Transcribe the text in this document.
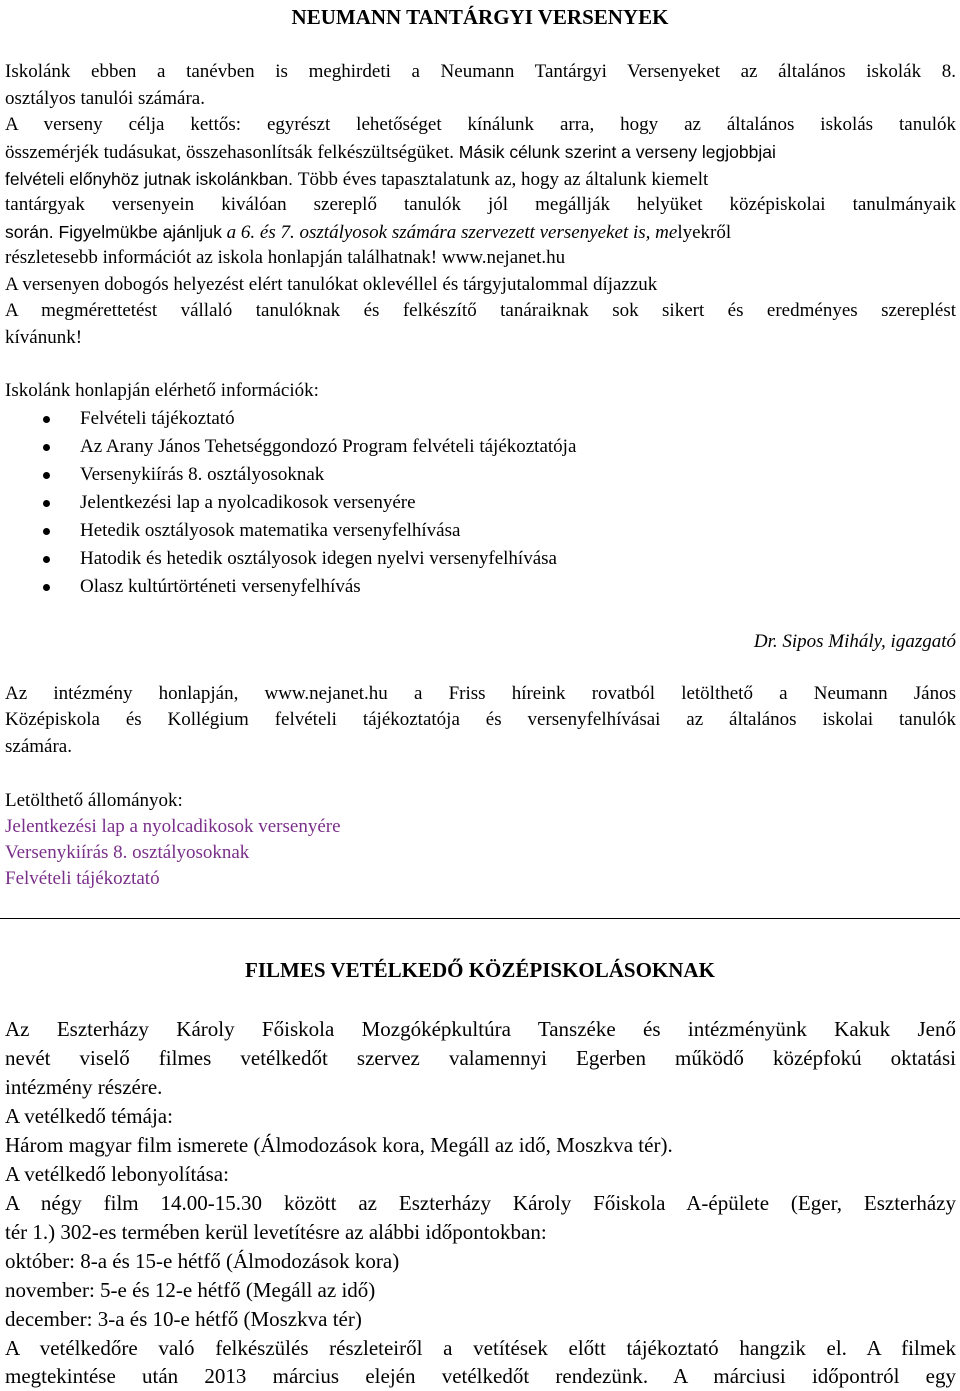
NEUMANN TANTÁRGYI VERSENYEK
Iskolánk ebben a tanévben is meghirdeti a Neumann Tantárgyi Versenyeket az általános iskolák 8.
osztályos tanulói számára.
A verseny célja kettős: egyrészt lehetőséget kínálunk arra, hogy az általános iskolás tanulók
összemérjék tudásukat, összehasonlítsák felkészültségüket. Másik célunk szerint a verseny legjobbjai
felvételi előnyhöz jutnak iskolánkban. Több éves tapasztalatunk az, hogy az általunk kiemelt
tantárgyak versenyein kiválóan szereplő tanulók jól megállják helyüket középiskolai tanulmányaik
során. Figyelmükbe ajánljuk a 6. és 7. osztályosok számára szervezett versenyeket is, melyekről
részletesebb információt az iskola honlapján találhatnak! www.nejanet.hu
A versenyen dobogós helyezést elért tanulókat oklevéllel és tárgyjutalommal díjazzuk
A megmérettetést vállaló tanulóknak és felkészítő tanáraiknak sok sikert és eredményes szereplést
kívánunk!
Iskolánk honlapján elérhető információk:
Felvételi tájékoztató
Az Arany János Tehetséggondozó Program felvételi tájékoztatója
Versenykiírás 8. osztályosoknak
Jelentkezési lap a nyolcadikosok versenyére
Hetedik osztályosok matematika versenyfelhívása
Hatodik és hetedik osztályosok idegen nyelvi versenyfelhívása
Olasz kultúrtörténeti versenyfelhívás
Dr. Sipos Mihály, igazgató
Az intézmény honlapján, www.nejanet.hu a Friss híreink rovatból letölthető a Neumann János
Középiskola és Kollégium felvételi tájékoztatója és versenyfelhívásai az általános iskolai tanulók
számára.
Letölthető állományok:
Jelentkezési lap a nyolcadikosok versenyére
Versenykiírás 8. osztályosoknak
Felvételi tájékoztató
FILMES VETÉLKEDŐ KÖZÉPISKOLÁSOKNAK
Az Eszterházy Károly Főiskola Mozgóképkultúra Tanszéke és intézményünk Kakuk Jenő
nevét viselő filmes vetélkedőt szervez valamennyi Egerben működő középfokú oktatási
intézmény részére.
A vetélkedő témája:
Három magyar film ismerete (Álmodozások kora, Megáll az idő, Moszkva tér).
A vetélkedő lebonyolítása:
A négy film 14.00-15.30 között az Eszterházy Károly Főiskola A-épülete (Eger, Eszterházy
tér 1.) 302-es termében kerül levetítésre az alábbi időpontokban:
október: 8-a és 15-e hétfő (Álmodozások kora)
november: 5-e és 12-e hétfő (Megáll az idő)
december: 3-a és 10-e hétfő (Moszkva tér)
A vetélkedőre való felkészülés részleteiről a vetítések előtt tájékoztató hangzik el. A filmek
megtekintése után 2013 március elején vetélkedőt rendezünk. A márciusi időpontról egy
